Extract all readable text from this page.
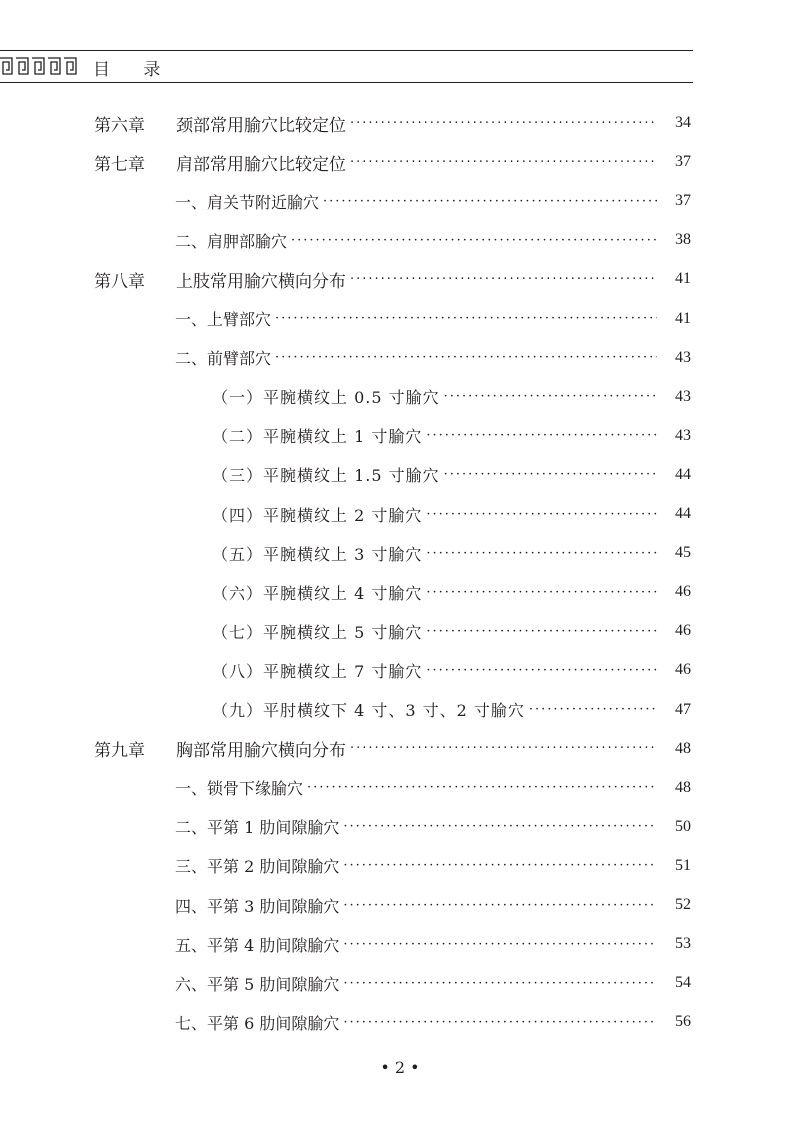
目 录
第六章	颈部常用腧穴比较定位 ·····	34
第七章	肩部常用腧穴比较定位 ·····	37
一、肩关节附近腧穴 ·····	37
二、肩胛部腧穴 ·····	38
第八章	上肢常用腧穴横向分布 ·····	41
一、上臂部穴 ·····	41
二、前臂部穴 ·····	43
（一）平腕横纹上 0.5 寸腧穴 ·····	43
（二）平腕横纹上 1 寸腧穴 ·····	43
（三）平腕横纹上 1.5 寸腧穴 ·····	44
（四）平腕横纹上 2 寸腧穴 ·····	44
（五）平腕横纹上 3 寸腧穴 ·····	45
（六）平腕横纹上 4 寸腧穴 ·····	46
（七）平腕横纹上 5 寸腧穴 ·····	46
（八）平腕横纹上 7 寸腧穴 ·····	46
（九）平肘横纹下 4 寸、3 寸、2 寸腧穴 ·····	47
第九章	胸部常用腧穴横向分布 ·····	48
一、锁骨下缘腧穴 ·····	48
二、平第 1 肋间隙腧穴 ·····	50
三、平第 2 肋间隙腧穴 ·····	51
四、平第 3 肋间隙腧穴 ·····	52
五、平第 4 肋间隙腧穴 ·····	53
六、平第 5 肋间隙腧穴 ·····	54
七、平第 6 肋间隙腧穴 ·····	56
• 2 •
